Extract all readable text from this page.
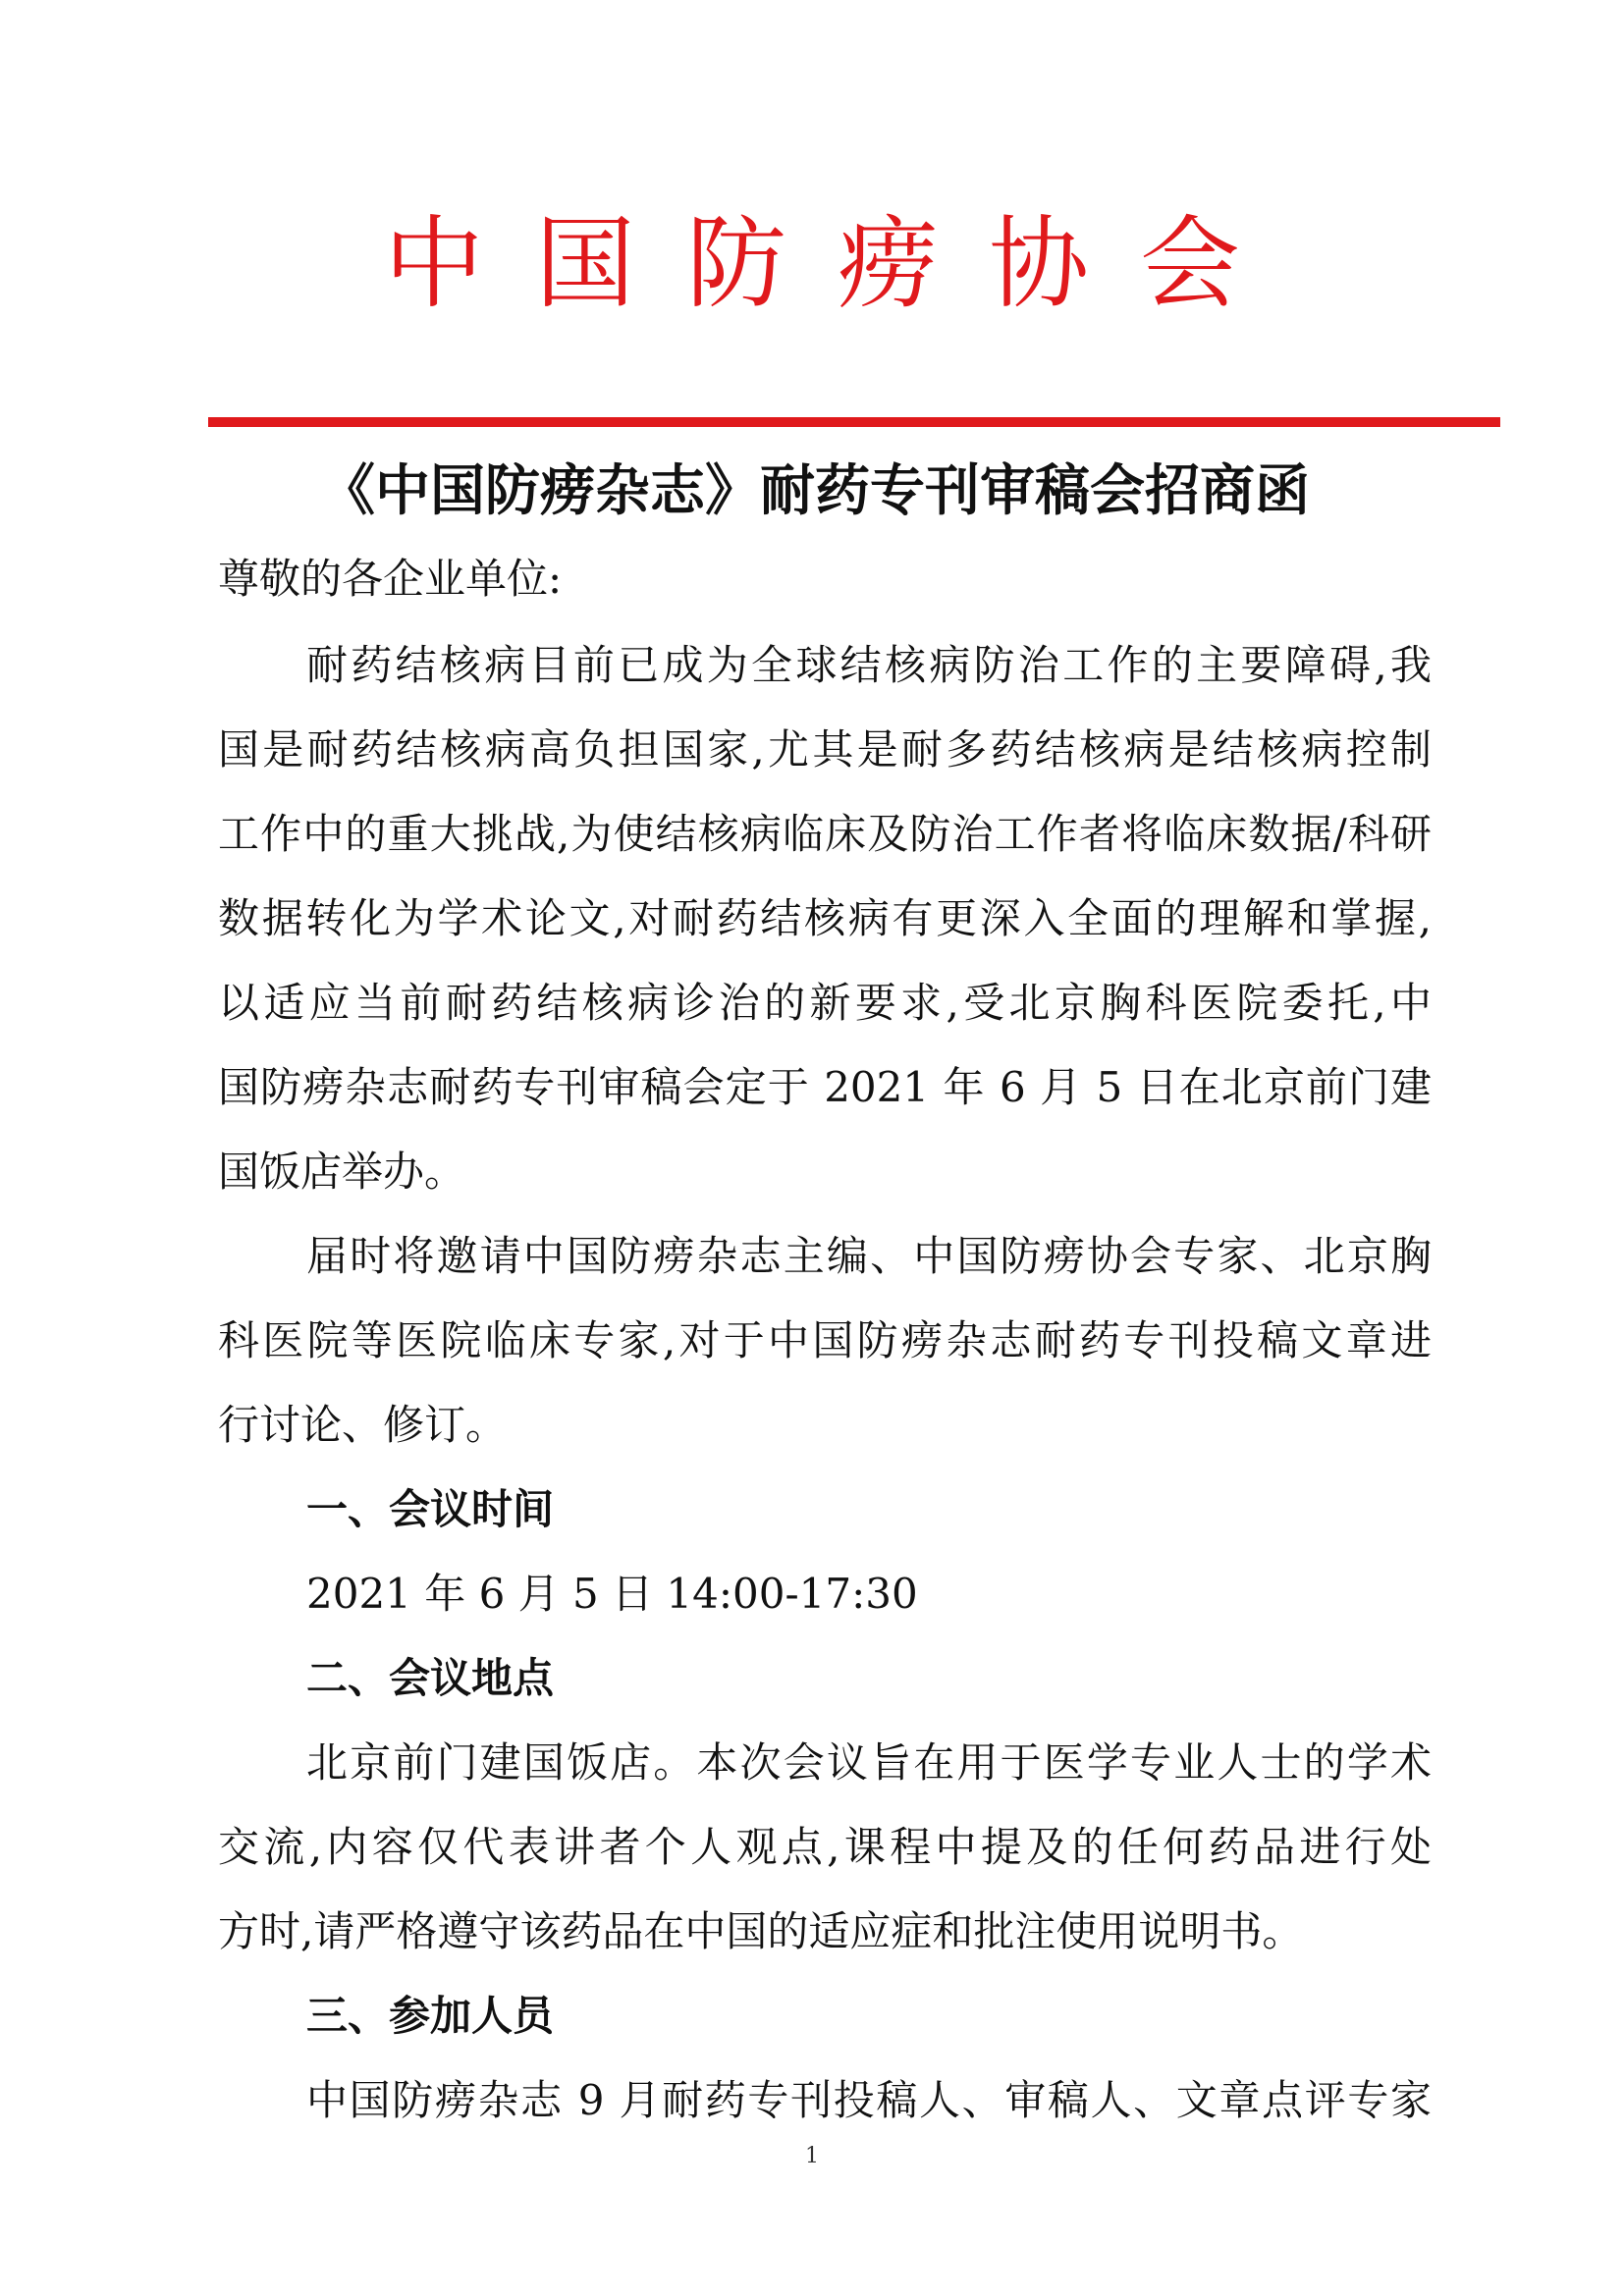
中国防痨协会
《中国防痨杂志》耐药专刊审稿会招商函
尊敬的各企业单位:
耐药结核病目前已成为全球结核病防治工作的主要障碍,我
国是耐药结核病高负担国家,尤其是耐多药结核病是结核病控制
工作中的重大挑战,为使结核病临床及防治工作者将临床数据/科研
数据转化为学术论文,对耐药结核病有更深入全面的理解和掌握,
以适应当前耐药结核病诊治的新要求,受北京胸科医院委托,中
国防痨杂志耐药专刊审稿会定于 2021 年 6 月 5 日在北京前门建
国饭店举办。
届时将邀请中国防痨杂志主编、中国防痨协会专家、北京胸
科医院等医院临床专家,对于中国防痨杂志耐药专刊投稿文章进
行讨论、修订。
一、会议时间
2021 年 6 月 5 日 14:00-17:30
二、会议地点
北京前门建国饭店。本次会议旨在用于医学专业人士的学术
交流,内容仅代表讲者个人观点,课程中提及的任何药品进行处
方时,请严格遵守该药品在中国的适应症和批注使用说明书。
三、参加人员
中国防痨杂志 9 月耐药专刊投稿人、审稿人、文章点评专家
1
